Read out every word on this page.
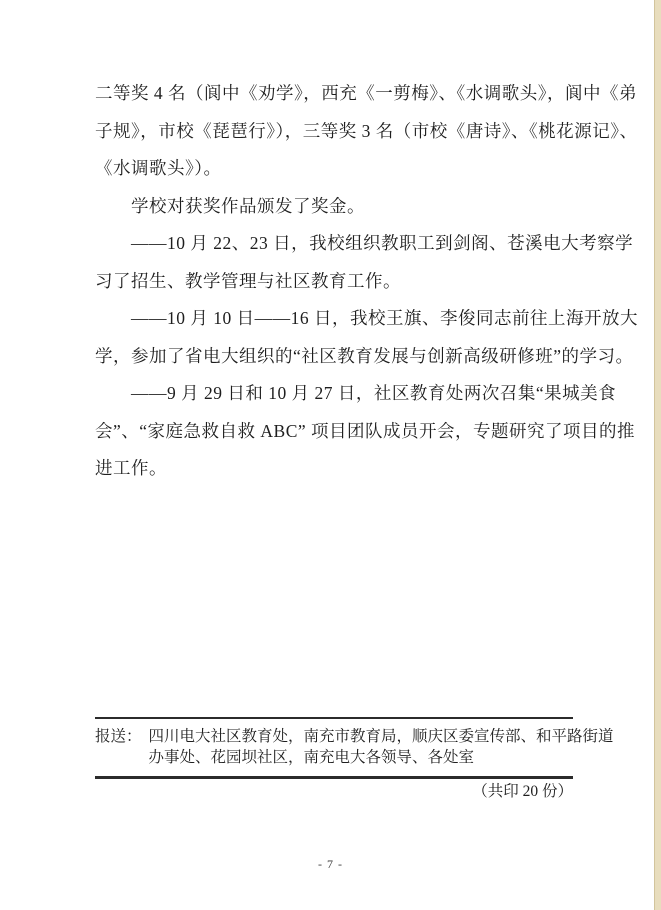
二等奖 4 名（阆中《劝学》，西充《一剪梅》、《水调歌头》，阆中《弟
子规》，市校《琵琶行》），三等奖 3 名（市校《唐诗》、《桃花源记》、
《水调歌头》）。
学校对获奖作品颁发了奖金。
——10 月 22、23 日，我校组织教职工到剑阁、苍溪电大考察学
习了招生、教学管理与社区教育工作。
——10 月 10 日——16 日，我校王旗、李俊同志前往上海开放大
学，参加了省电大组织的“社区教育发展与创新高级研修班”的学习。
——9 月 29 日和 10 月 27 日，社区教育处两次召集“果城美食
会”、“家庭急救自救 ABC” 项目团队成员开会，专题研究了项目的推
进工作。
报送： 四川电大社区教育处，南充市教育局，顺庆区委宣传部、和平路街道
办事处、花园坝社区，南充电大各领导、各处室
（共印 20 份）
- 7 -
